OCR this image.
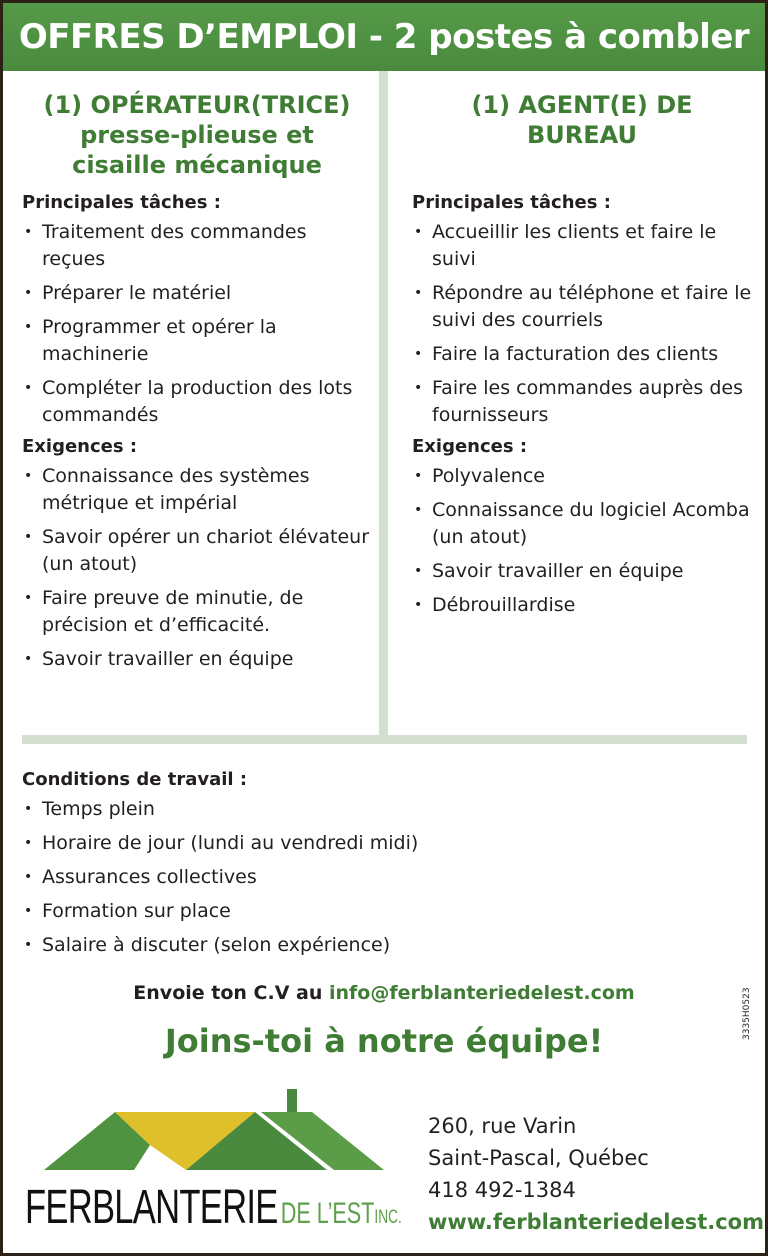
OFFRES D’EMPLOI - 2 postes à combler
(1) OPÉRATEUR(TRICE)
presse-plieuse et
cisaille mécanique
Principales tâches :
• Traitement des commandes reçues
• Préparer le matériel
• Programmer et opérer la machinerie
• Compléter la production des lots commandés
Exigences :
• Connaissance des systèmes métrique et impérial
• Savoir opérer un chariot élévateur (un atout)
• Faire preuve de minutie, de précision et d’efficacité.
• Savoir travailler en équipe
(1) AGENT(E) DE
BUREAU
Principales tâches :
• Accueillir les clients et faire le suivi
• Répondre au téléphone et faire le suivi des courriels
• Faire la facturation des clients
• Faire les commandes auprès des fournisseurs
Exigences :
• Polyvalence
• Connaissance du logiciel Acomba (un atout)
• Savoir travailler en équipe
• Débrouillardise
Conditions de travail :
• Temps plein
• Horaire de jour (lundi au vendredi midi)
• Assurances collectives
• Formation sur place
• Salaire à discuter (selon expérience)
Envoie ton C.V au info@ferblanteriedelest.com
Joins-toi à notre équipe!
3335H0523
FERBLANTERIE DE L’ESTINC.
260, rue Varin
Saint-Pascal, Québec
418 492-1384
www.ferblanteriedelest.com
